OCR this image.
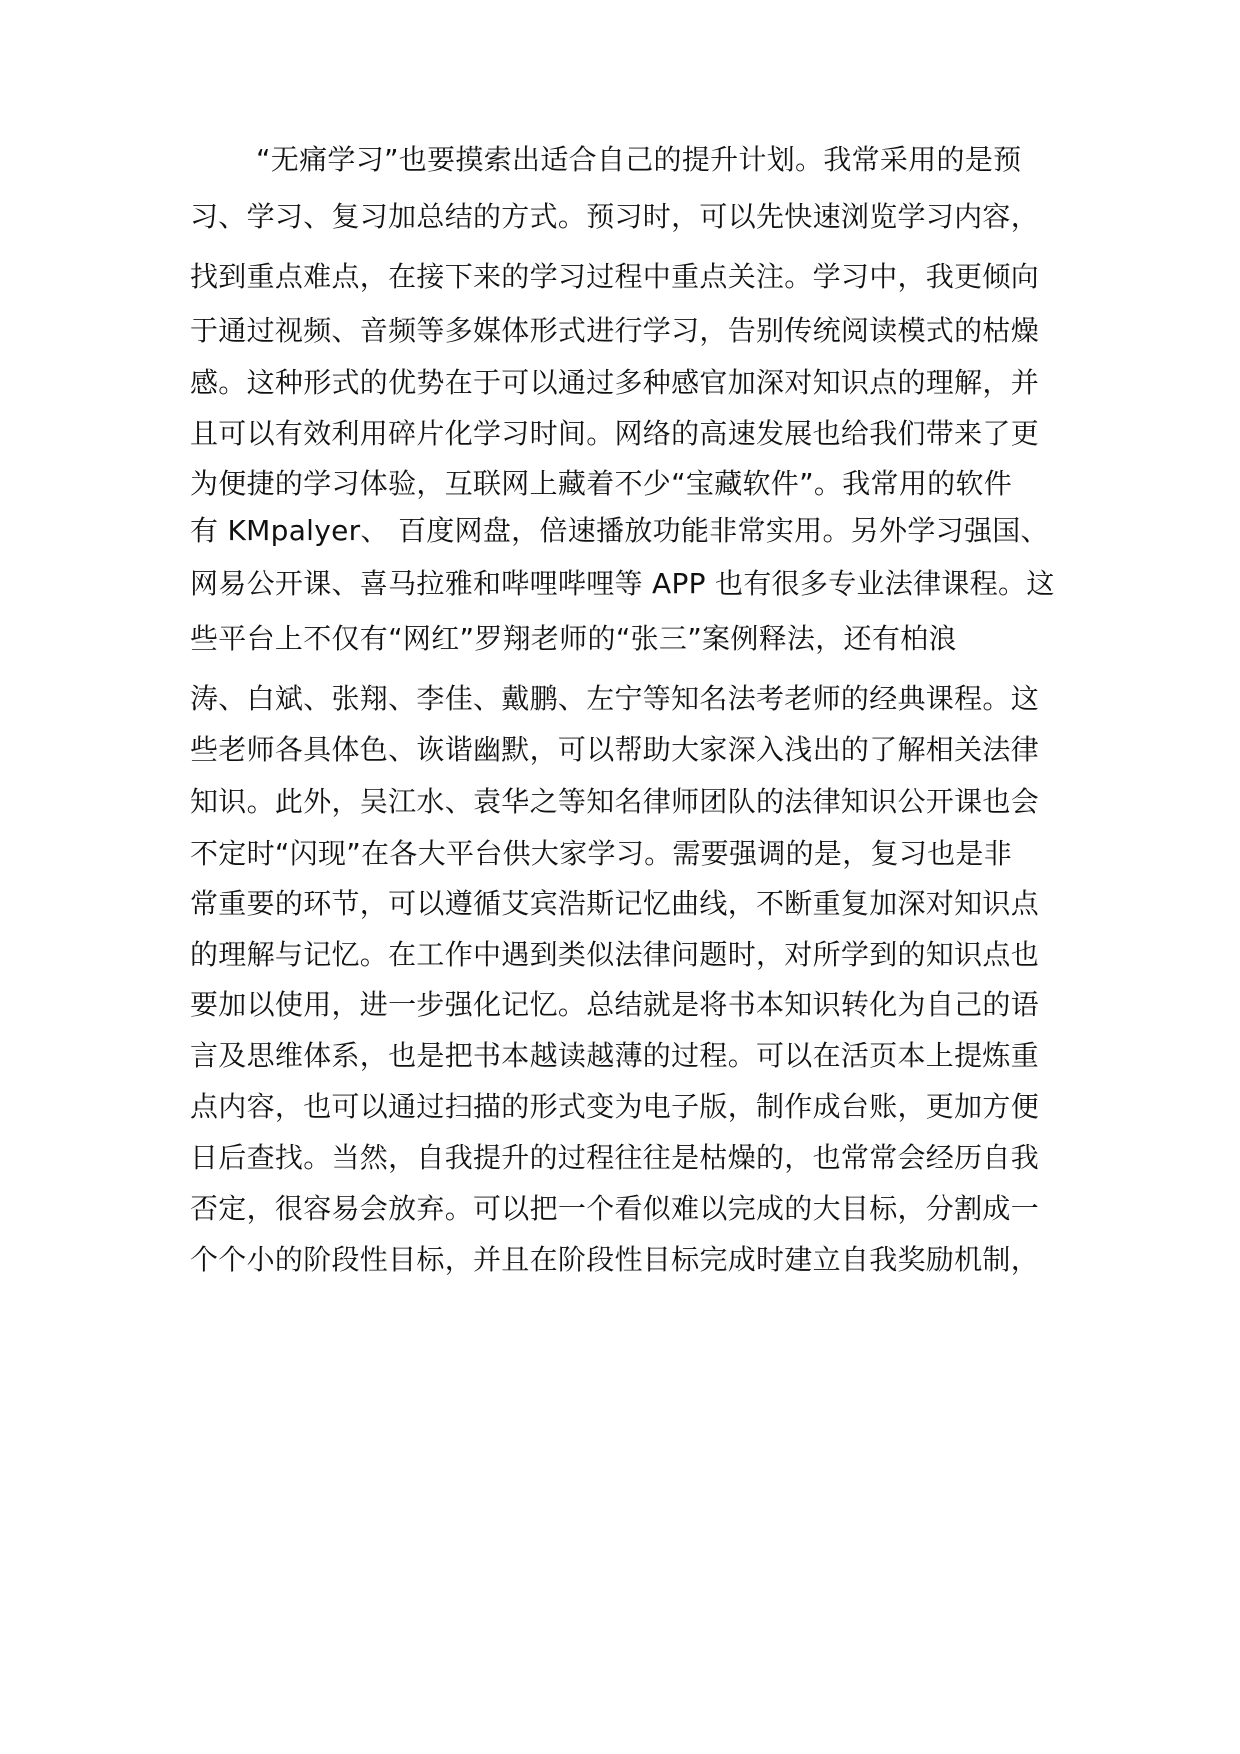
“无痛学习”也要摸索出适合自己的提升计划。我常采用的是预
习、学习、复习加总结的方式。预习时，可以先快速浏览学习内容，
找到重点难点，在接下来的学习过程中重点关注。学习中，我更倾向
于通过视频、音频等多媒体形式进行学习，告别传统阅读模式的枯燥
感。这种形式的优势在于可以通过多种感官加深对知识点的理解，并
且可以有效利用碎片化学习时间。网络的高速发展也给我们带来了更
为便捷的学习体验，互联网上藏着不少“宝藏软件”。我常用的软件
有 KMpalyer、 百度网盘，倍速播放功能非常实用。另外学习强国、
网易公开课、喜马拉雅和哔哩哔哩等 APP 也有很多专业法律课程。这
些平台上不仅有“网红”罗翔老师的“张三”案例释法，还有柏浪
涛、白斌、张翔、李佳、戴鹏、左宁等知名法考老师的经典课程。这
些老师各具体色、诙谐幽默，可以帮助大家深入浅出的了解相关法律
知识。此外，吴江水、袁华之等知名律师团队的法律知识公开课也会
不定时“闪现”在各大平台供大家学习。需要强调的是，复习也是非
常重要的环节，可以遵循艾宾浩斯记忆曲线，不断重复加深对知识点
的理解与记忆。在工作中遇到类似法律问题时，对所学到的知识点也
要加以使用，进一步强化记忆。总结就是将书本知识转化为自己的语
言及思维体系，也是把书本越读越薄的过程。可以在活页本上提炼重
点内容，也可以通过扫描的形式变为电子版，制作成台账，更加方便
日后查找。当然，自我提升的过程往往是枯燥的，也常常会经历自我
否定，很容易会放弃。可以把一个看似难以完成的大目标，分割成一
个个小的阶段性目标，并且在阶段性目标完成时建立自我奖励机制，
